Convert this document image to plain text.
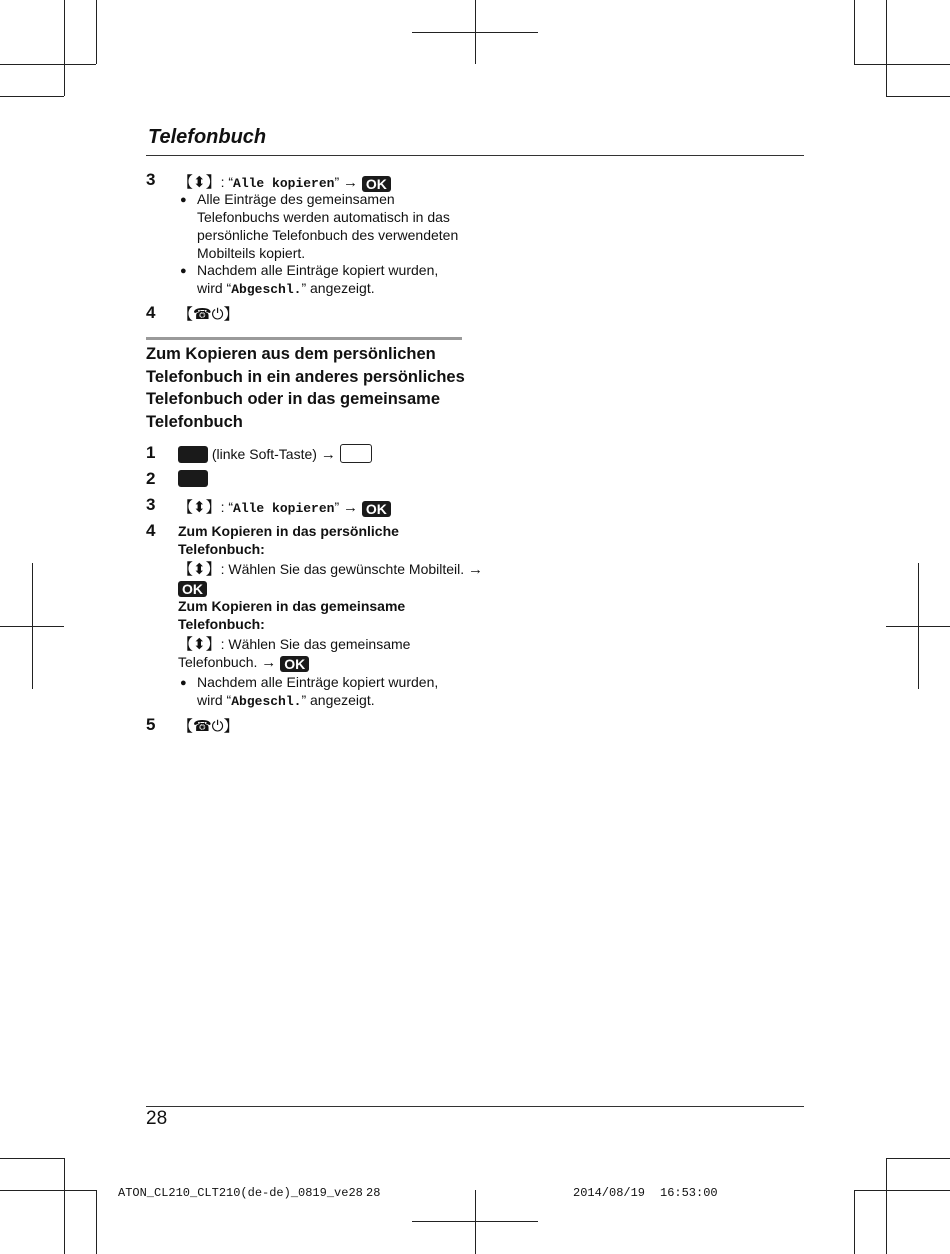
Telefonbuch
3 【⬍】: “Alle kopieren” → OK
● Alle Einträge des gemeinsamen
Telefonbuchs werden automatisch in das
persönliche Telefonbuch des verwendeten
Mobilteils kopiert.
● Nachdem alle Einträge kopiert wurden,
wird “Abgeschl.” angezeigt.
4 【☎⏻】
Zum Kopieren aus dem persönlichen Telefonbuch in ein anderes persönliches Telefonbuch oder in das gemeinsame Telefonbuch
1	(linke Soft-Taste) →
2
3 【⬍】: “Alle kopieren” → OK
4 Zum Kopieren in das persönliche
Telefonbuch:
【⬍】: Wählen Sie das gewünschte Mobilteil. →
OK
Zum Kopieren in das gemeinsame
Telefonbuch:
【⬍】: Wählen Sie das gemeinsame
Telefonbuch. → OK
● Nachdem alle Einträge kopiert wurden,
wird “Abgeschl.” angezeigt.
5 【☎⏻】
28
ATON_CL210_CLT210(de-de)_0819_ve28 28	2014/08/19 16:53:00
